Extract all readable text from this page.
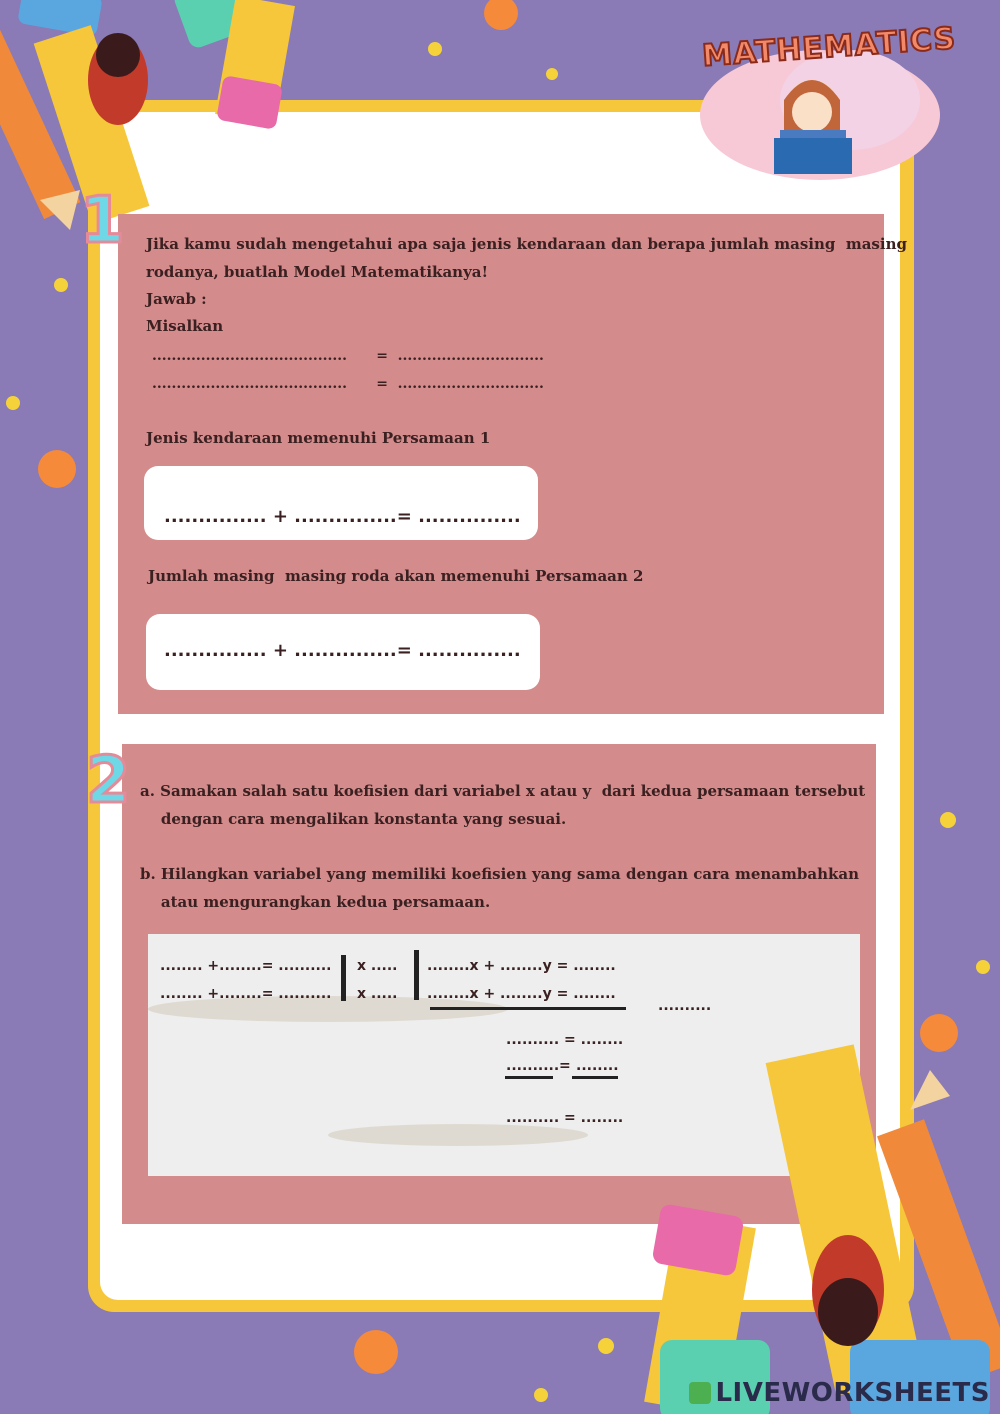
MATHEMATICS
1 Jika kamu sudah mengetahui apa saja jenis kendaraan dan berapa jumlah masing  masing
rodanya, buatlah Model Matematikanya!
Jawab :
Misalkan
........................................      =  ..............................
........................................      =  ..............................
Jenis kendaraan memenuhi Persamaan 1
............... + ...............= ...............
Jumlah masing  masing roda akan memenuhi Persamaan 2
............... + ...............= ...............
2 a. Samakan salah satu koefisien dari variabel x atau y  dari kedua persamaan tersebut
dengan cara mengalikan konstanta yang sesuai.
b. Hilangkan variabel yang memiliki koefisien yang sama dengan cara menambahkan
atau mengurangkan kedua persamaan.
........ +........= ..........
........ +........= ..........
x .....
x .....
........x + ........y = ........
........x + ........y = ........
..........
.......... = ........
.......... = ........
.......... = ........
LIVEWORKSHEETS
